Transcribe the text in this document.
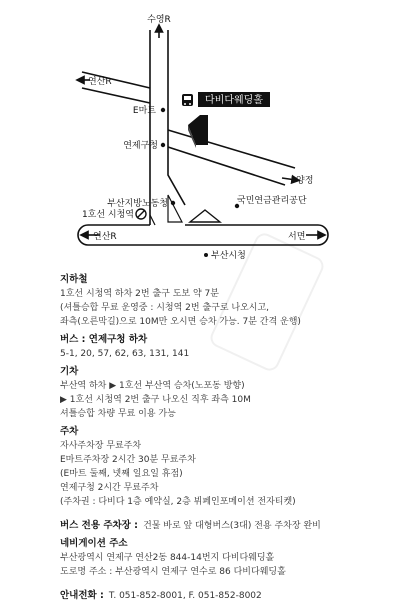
다비다웨딩홀
수영R
연산R
연산R	서면
양정
E마트
연제구청
부산지방노동청
1호선 시청역
국민연금관리공단
부산시청
지하철
1호선 시청역 하차 2번 출구 도보 약 7분
(셔틀승합 무료 운영중 : 시청역 2번 출구로 나오시고,
좌측(오른막길)으로 10M만 오시면 승차 가능. 7분 간격 운행)
버스 : 연제구청 하차
5-1, 20, 57, 62, 63, 131, 141
기차
부산역 하차 ▶ 1호선 부산역 승차(노포동 방향)
▶ 1호선 시청역 2번 출구 나오신 직후 좌측 10M
셔틀승합 차량 무료 이용 가능
주차
자사주차장 무료주차
E마트주차장 2시간 30분 무료주차
(E마트 둘째, 넷째 일요일 휴점)
연제구청 2시간 무료주차
(주차권 : 다비다 1층 예약실, 2층 뷔페인포메이션 전자티켓)
버스 전용 주차장 : 건물 바로 앞 대형버스(3대) 전용 주차장 완비
네비게이션 주소
부산광역시 연제구 연산2동 844-14번지 다비다웨딩홀
도로명 주소 : 부산광역시 연제구 연수로 86 다비다웨딩홀
안내전화 : T. 051-852-8001, F. 051-852-8002
